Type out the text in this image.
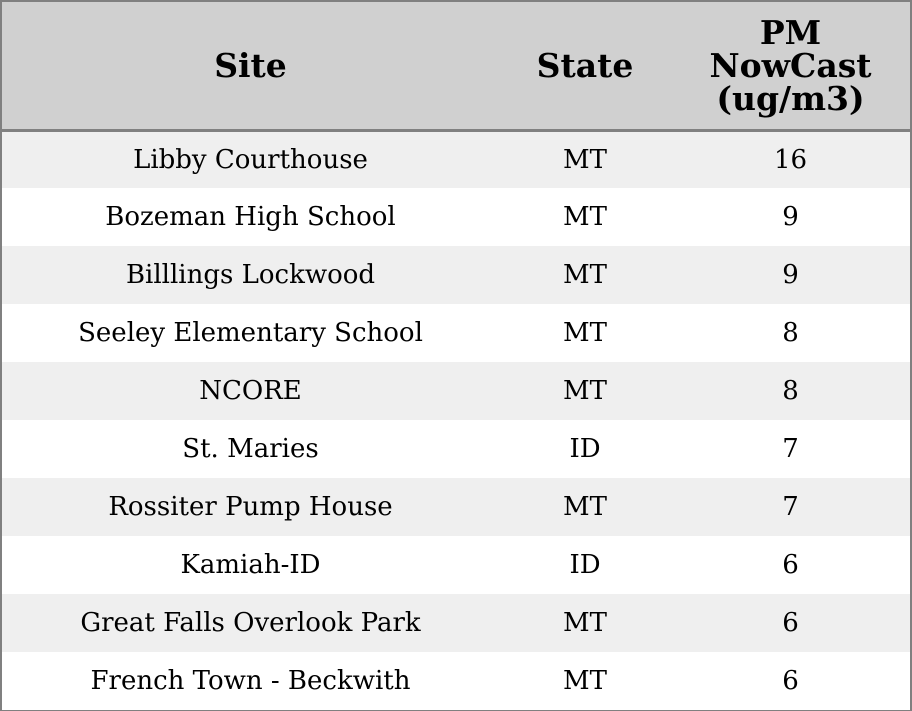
Site	State	PM
NowCast
(ug/m3)

Libby Courthouse	MT	16
Bozeman High School	MT	9
Billlings Lockwood	MT	9
Seeley Elementary School	MT	8
NCORE	MT	8
St. Maries	ID	7
Rossiter Pump House	MT	7
Kamiah-ID	ID	6
Great Falls Overlook Park	MT	6
French Town - Beckwith	MT	6
